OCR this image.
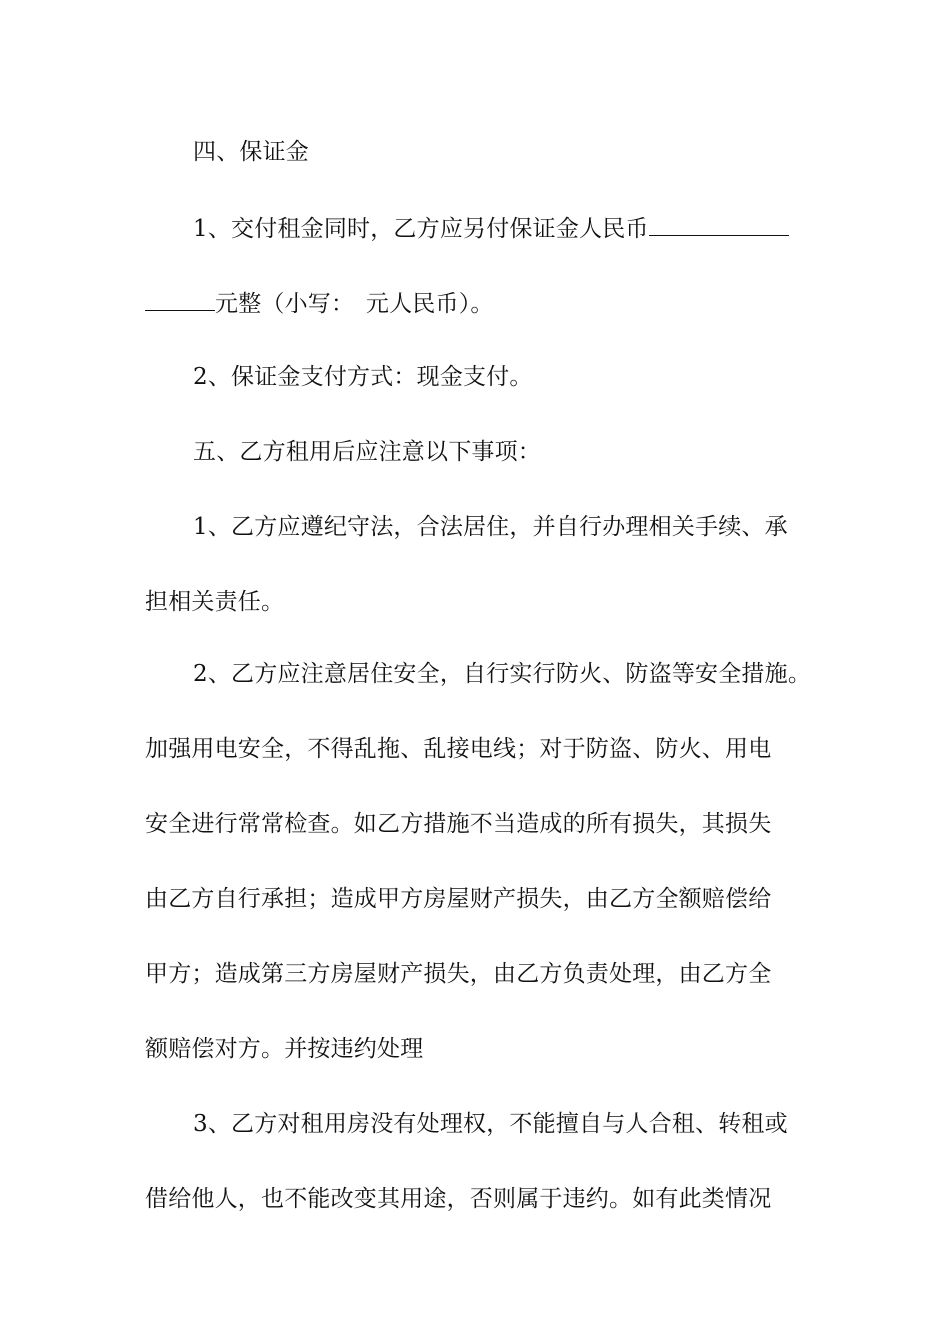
四、保证金
1、交付租金同时，乙方应另付保证金人民币
元整（小写：　元人民币）。
2、保证金支付方式：现金支付。
五、乙方租用后应注意以下事项：
1、乙方应遵纪守法，合法居住，并自行办理相关手续、承
担相关责任。
2、乙方应注意居住安全，自行实行防火、防盗等安全措施。
加强用电安全，不得乱拖、乱接电线；对于防盗、防火、用电
安全进行常常检查。如乙方措施不当造成的所有损失，其损失
由乙方自行承担；造成甲方房屋财产损失，由乙方全额赔偿给
甲方；造成第三方房屋财产损失，由乙方负责处理，由乙方全
额赔偿对方。并按违约处理
3、乙方对租用房没有处理权，不能擅自与人合租、转租或
借给他人，也不能改变其用途，否则属于违约。如有此类情况
